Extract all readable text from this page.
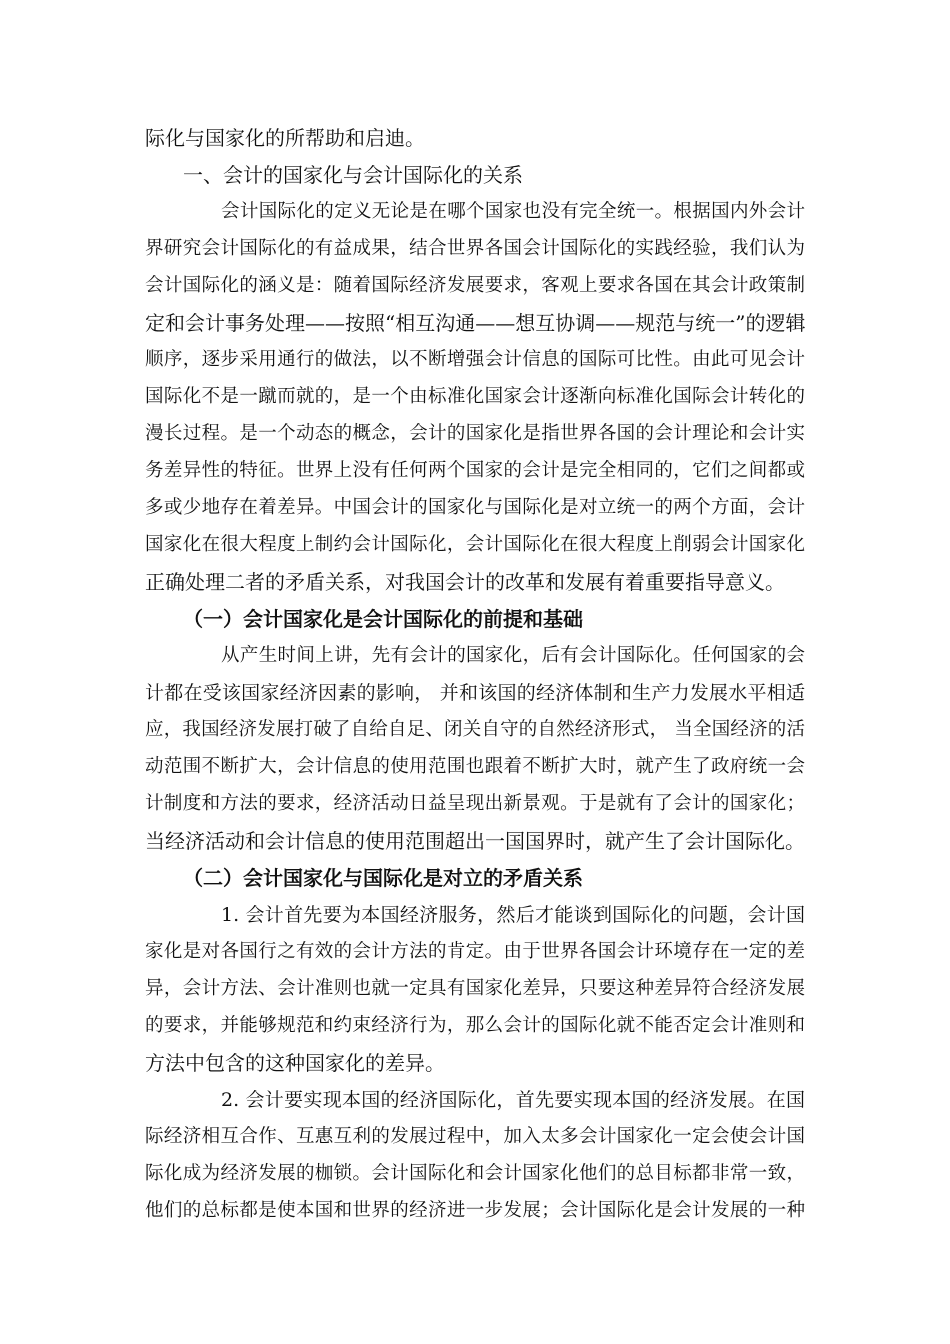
际化与国家化的所帮助和启迪。
一、会计的国家化与会计国际化的关系
会计国际化的定义无论是在哪个国家也没有完全统一。根据国内外会计
界研究会计国际化的有益成果，结合世界各国会计国际化的实践经验，我们认为
会计国际化的涵义是：随着国际经济发展要求，客观上要求各国在其会计政策制
定和会计事务处理——按照“相互沟通——想互协调——规范与统一”的逻辑
顺序，逐步采用通行的做法，以不断增强会计信息的国际可比性。由此可见会计
国际化不是一蹴而就的，是一个由标准化国家会计逐渐向标准化国际会计转化的
漫长过程。是一个动态的概念，会计的国家化是指世界各国的会计理论和会计实
务差异性的特征。世界上没有任何两个国家的会计是完全相同的，它们之间都或
多或少地存在着差异。中国会计的国家化与国际化是对立统一的两个方面，会计
国家化在很大程度上制约会计国际化，会计国际化在很大程度上削弱会计国家化
正确处理二者的矛盾关系，对我国会计的改革和发展有着重要指导意义。
（一）会计国家化是会计国际化的前提和基础
从产生时间上讲，先有会计的国家化，后有会计国际化。任何国家的会
计都在受该国家经济因素的影响， 并和该国的经济体制和生产力发展水平相适
应，我国经济发展打破了自给自足、闭关自守的自然经济形式， 当全国经济的活
动范围不断扩大，会计信息的使用范围也跟着不断扩大时，就产生了政府统一会
计制度和方法的要求，经济活动日益呈现出新景观。于是就有了会计的国家化；
当经济活动和会计信息的使用范围超出一国国界时，就产生了会计国际化。
（二）会计国家化与国际化是对立的矛盾关系
1. 会计首先要为本国经济服务，然后才能谈到国际化的问题，会计国
家化是对各国行之有效的会计方法的肯定。由于世界各国会计环境存在一定的差
异，会计方法、会计准则也就一定具有国家化差异，只要这种差异符合经济发展
的要求，并能够规范和约束经济行为，那么会计的国际化就不能否定会计准则和
方法中包含的这种国家化的差异。
2. 会计要实现本国的经济国际化，首先要实现本国的经济发展。在国
际经济相互合作、互惠互利的发展过程中，加入太多会计国家化一定会使会计国
际化成为经济发展的枷锁。会计国际化和会计国家化他们的总目标都非常一致，
他们的总标都是使本国和世界的经济进一步发展；会计国际化是会计发展的一种
